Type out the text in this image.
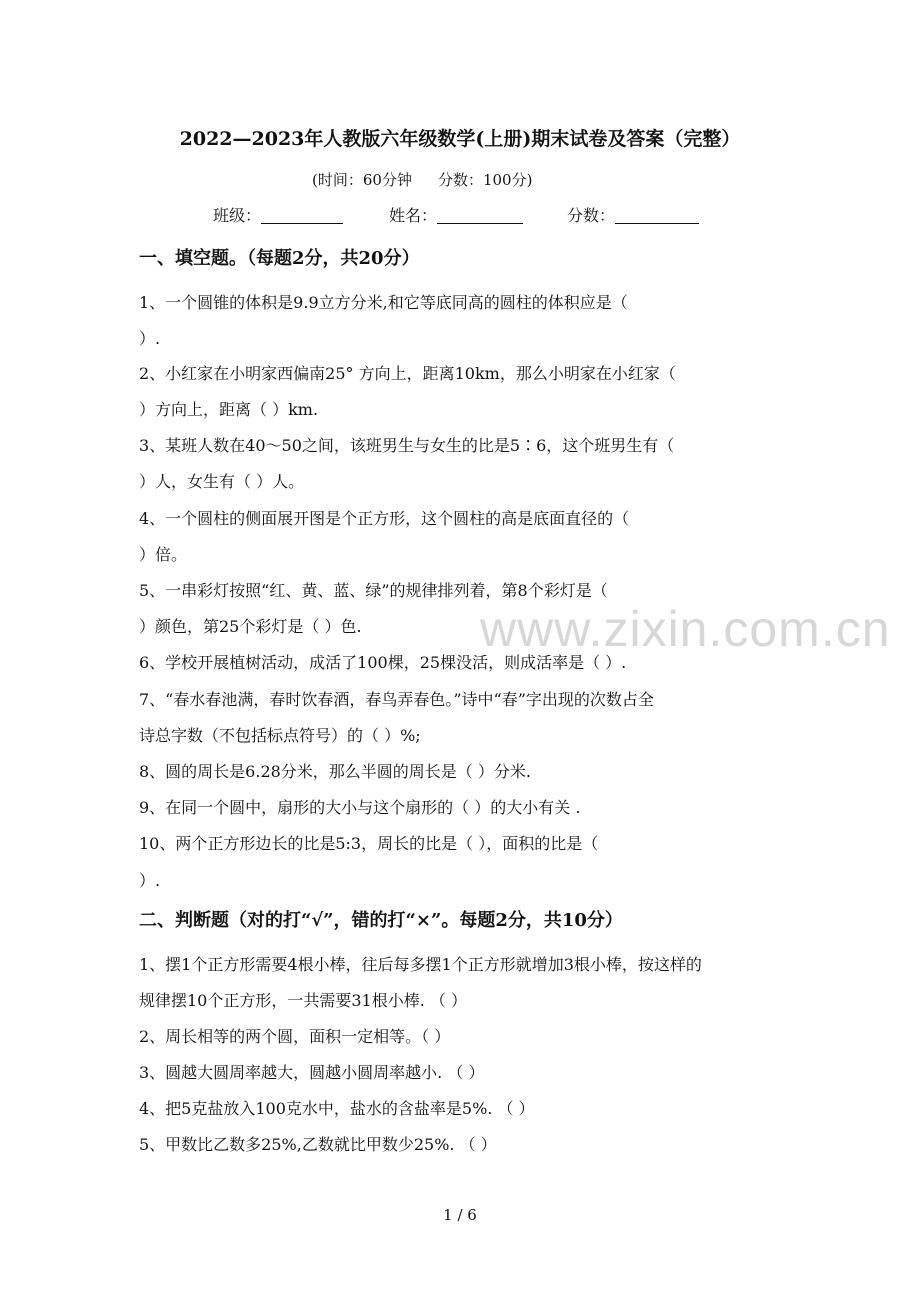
www.zixin.com.cn
2022—2023年人教版六年级数学(上册)期末试卷及答案（完整）
(时间：60分钟 分数：100分)
班级：	姓名：	分数：
一、填空题。（每题2分，共20分）
1、一个圆锥的体积是9.9立方分米,和它等底同高的圆柱的体积应是（
）.
2、小红家在小明家西偏南25° 方向上，距离10km，那么小明家在小红家（
）方向上，距离（ ）km.
3、某班人数在40～50之间，该班男生与女生的比是5∶6，这个班男生有（
）人，女生有（ ）人。
4、一个圆柱的侧面展开图是个正方形，这个圆柱的高是底面直径的（
）倍。
5、一串彩灯按照“红、黄、蓝、绿”的规律排列着，第8个彩灯是（
）颜色，第25个彩灯是（ ）色.
6、学校开展植树活动，成活了100棵，25棵没活，则成活率是（ ）.
7、“春水春池满，春时饮春酒，春鸟弄春色。”诗中“春”字出现的次数占全
诗总字数（不包括标点符号）的（ ）%;
8、圆的周长是6.28分米，那么半圆的周长是（ ）分米.
9、在同一个圆中，扇形的大小与这个扇形的（ ）的大小有关 .
10、两个正方形边长的比是5:3，周长的比是（ ），面积的比是（
）.
二、判断题（对的打“√”，错的打“×”。每题2分，共10分）
1、摆1个正方形需要4根小棒，往后每多摆1个正方形就增加3根小棒，按这样的
规律摆10个正方形，一共需要31根小棒. （ ）
2、周长相等的两个圆，面积一定相等。（ ）
3、圆越大圆周率越大，圆越小圆周率越小. （ ）
4、把5克盐放入100克水中，盐水的含盐率是5%. （ ）
5、甲数比乙数多25%,乙数就比甲数少25%. （ ）
1 / 6
